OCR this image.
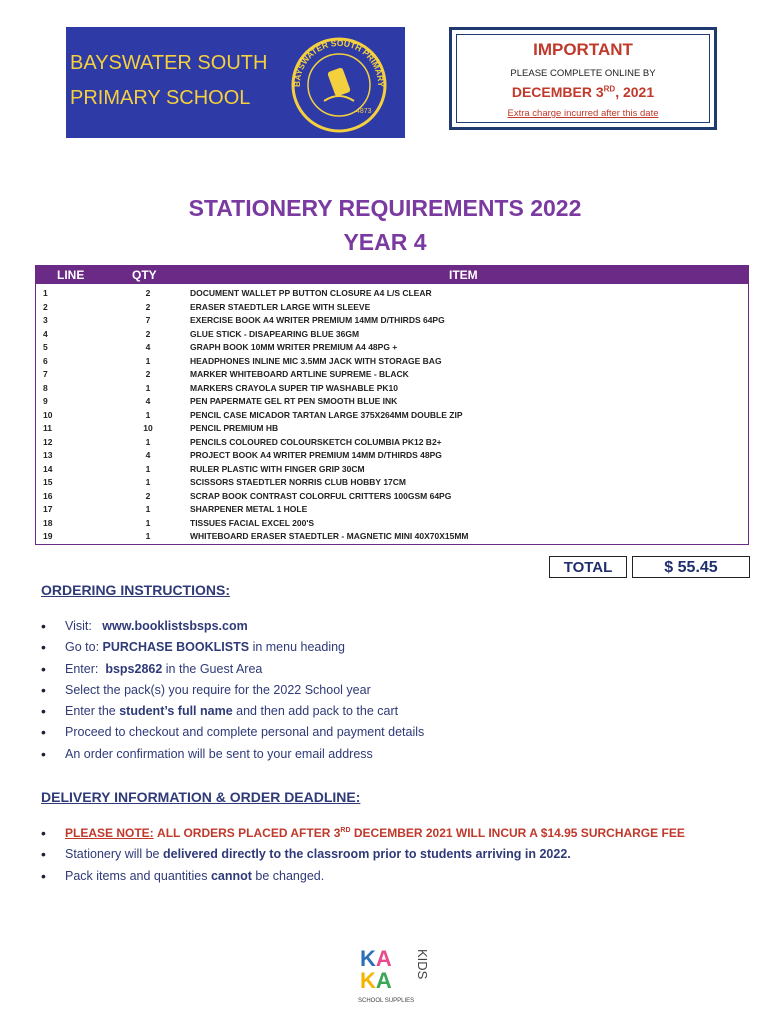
BAYSWATER SOUTH
PRIMARY SCHOOL
BAYSWATER SOUTH PRIMARY
4873
IMPORTANT
PLEASE COMPLETE ONLINE BY
DECEMBER 3RD, 2021
Extra charge incurred after this date
STATIONERY REQUIREMENTS 2022
YEAR 4
LINE	QTY	ITEM
1	2	DOCUMENT WALLET PP BUTTON CLOSURE A4 L/S CLEAR
2	2	ERASER STAEDTLER LARGE WITH SLEEVE
3	7	EXERCISE BOOK A4 WRITER PREMIUM 14MM D/THIRDS 64PG
4	2	GLUE STICK - DISAPEARING BLUE 36GM
5	4	GRAPH BOOK 10MM WRITER PREMIUM A4 48PG +
6	1	HEADPHONES INLINE MIC 3.5MM JACK WITH STORAGE BAG
7	2	MARKER WHITEBOARD ARTLINE SUPREME - BLACK
8	1	MARKERS CRAYOLA SUPER TIP WASHABLE PK10
9	4	PEN PAPERMATE GEL RT PEN SMOOTH BLUE INK
10	1	PENCIL CASE MICADOR TARTAN LARGE 375X264MM DOUBLE ZIP
11	10	PENCIL PREMIUM HB
12	1	PENCILS COLOURED COLOURSKETCH COLUMBIA PK12 B2+
13	4	PROJECT BOOK A4 WRITER PREMIUM 14MM D/THIRDS 48PG
14	1	RULER PLASTIC WITH FINGER GRIP 30CM
15	1	SCISSORS STAEDTLER NORRIS CLUB HOBBY 17CM
16	2	SCRAP BOOK CONTRAST COLORFUL CRITTERS 100GSM 64PG
17	1	SHARPENER METAL 1 HOLE
18	1	TISSUES FACIAL EXCEL 200'S
19	1	WHITEBOARD ERASER STAEDTLER - MAGNETIC MINI 40X70X15MM
TOTAL	$ 55.45
ORDERING INSTRUCTIONS:
• Visit: www.booklistsbsps.com
• Go to: PURCHASE BOOKLISTS in menu heading
• Enter: bsps2862 in the Guest Area
• Select the pack(s) you require for the 2022 School year
• Enter the student’s full name and then add pack to the cart
• Proceed to checkout and complete personal and payment details
• An order confirmation will be sent to your email address
DELIVERY INFORMATION & ORDER DEADLINE:
• PLEASE NOTE: ALL ORDERS PLACED AFTER 3RD DECEMBER 2021 WILL INCUR A $14.95 SURCHARGE FEE
• Stationery will be delivered directly to the classroom prior to students arriving in 2022.
• Pack items and quantities cannot be changed.
KA
KA
KIDS
SCHOOL SUPPLIES
